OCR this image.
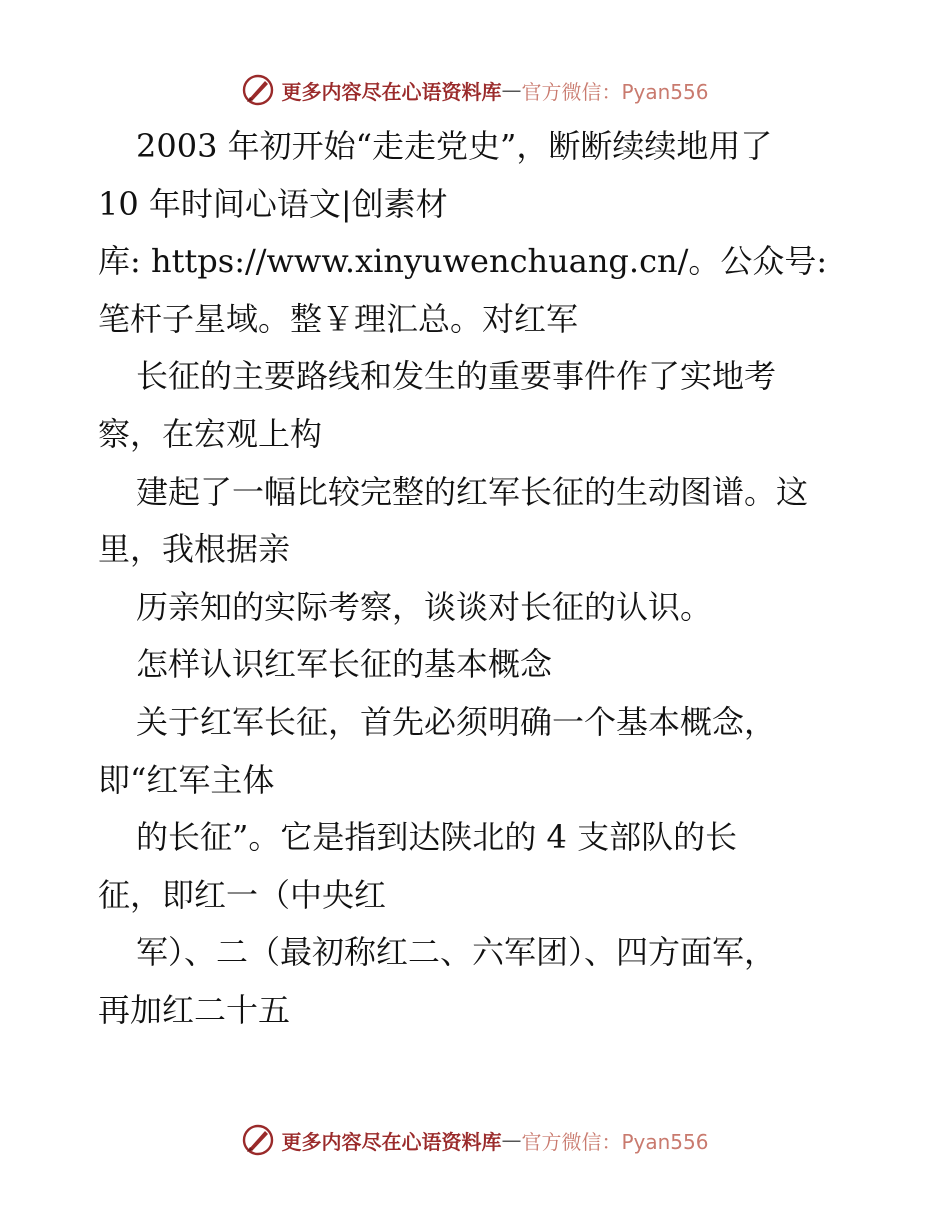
更多内容尽在心语资料库 — 官方微信：Pyan556
2003 年初开始“走走党史”，断断续续地用了
10 年时间心语文|创素材
库: https://www.xinyuwenchuang.cn/。公众号:
笔杆子星域。整￥理汇总。对红军
长征的主要路线和发生的重要事件作了实地考
察，在宏观上构
建起了一幅比较完整的红军长征的生动图谱。这
里，我根据亲
历亲知的实际考察，谈谈对长征的认识。
怎样认识红军长征的基本概念
关于红军长征，首先必须明确一个基本概念，
即“红军主体
的长征”。它是指到达陕北的 4 支部队的长
征，即红一（中央红
军）、二（最初称红二、六军团）、四方面军，
再加红二十五
更多内容尽在心语资料库 — 官方微信：Pyan556
